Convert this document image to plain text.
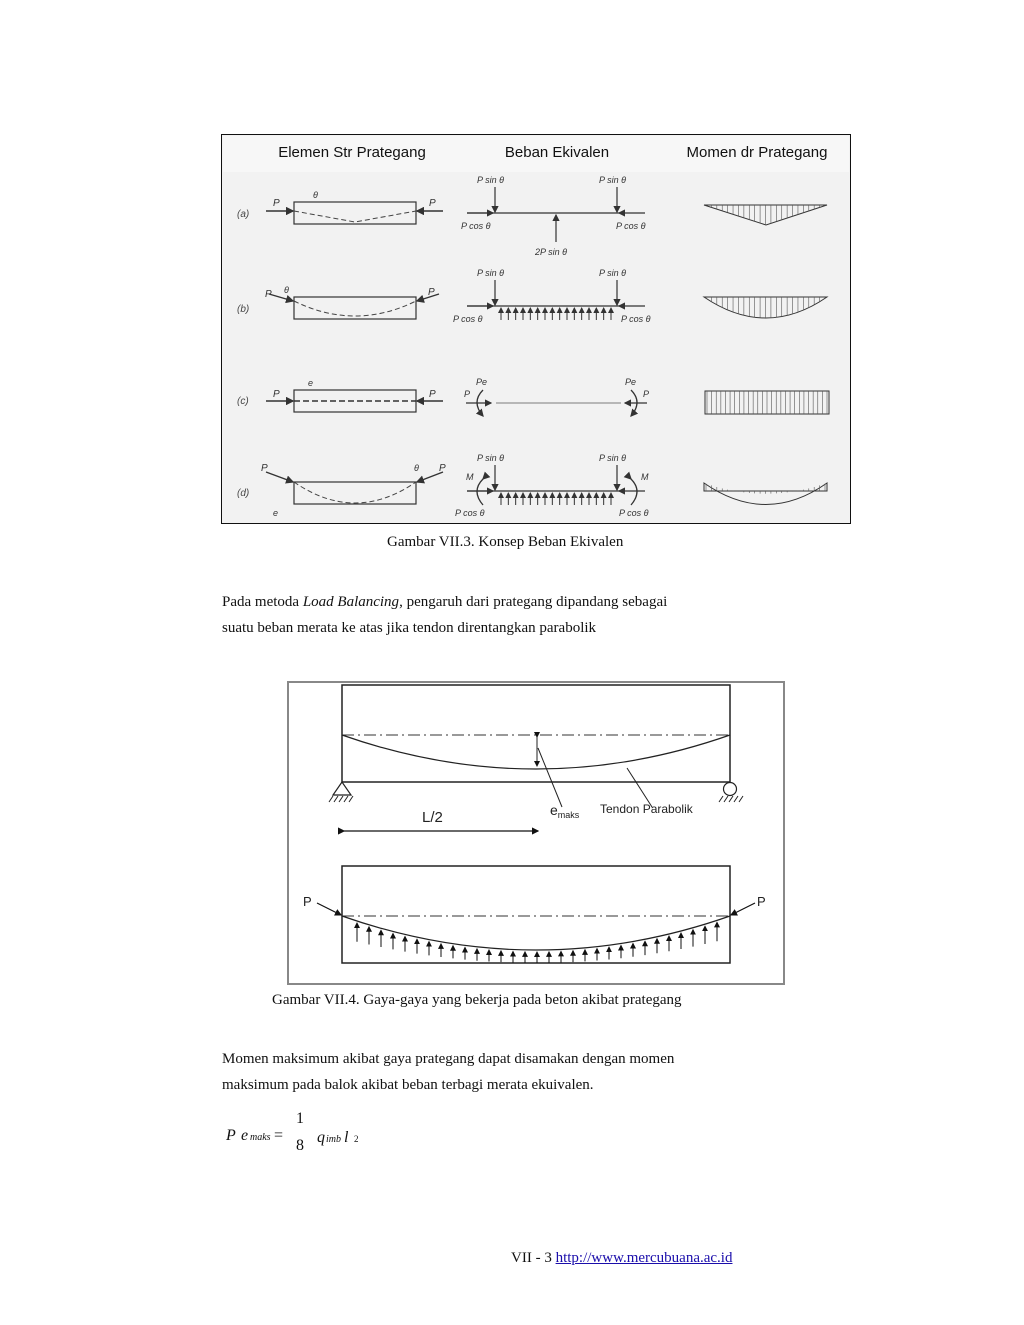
Elemen Str Prategang	Beban Ekivalen	Momen dr Prategang
(a)
P	P
θ
P sin θ	P sin θ
P cos θ	P cos θ
2P sin θ
(b)
P	P
θ
P sin θ	P sin θ
P cos θ	P cos θ
(c)
P	P
e	Pe	Pe
P	P
(d)
P	P
θ
e
P sin θ	P sin θ
P cos θ	P cos θ
M	M
Gambar VII.3. Konsep Beban Ekivalen
Pada metoda Load Balancing, pengaruh dari prategang dipandang sebagai
suatu beban merata ke atas jika tendon direntangkan parabolik
$e_{maks}$ Tendon Parabolik
L/2
P	P
Gambar VII.4. Gaya-gaya yang bekerja pada beton akibat prategang
Momen maksimum akibat gaya prategang dapat disamakan dengan momen
maksimum pada balok akibat beban terbagi merata ekuivalen.
P e maks =
1
8 q imb l 2
VII - 3 http://www.mercubuana.ac.id
